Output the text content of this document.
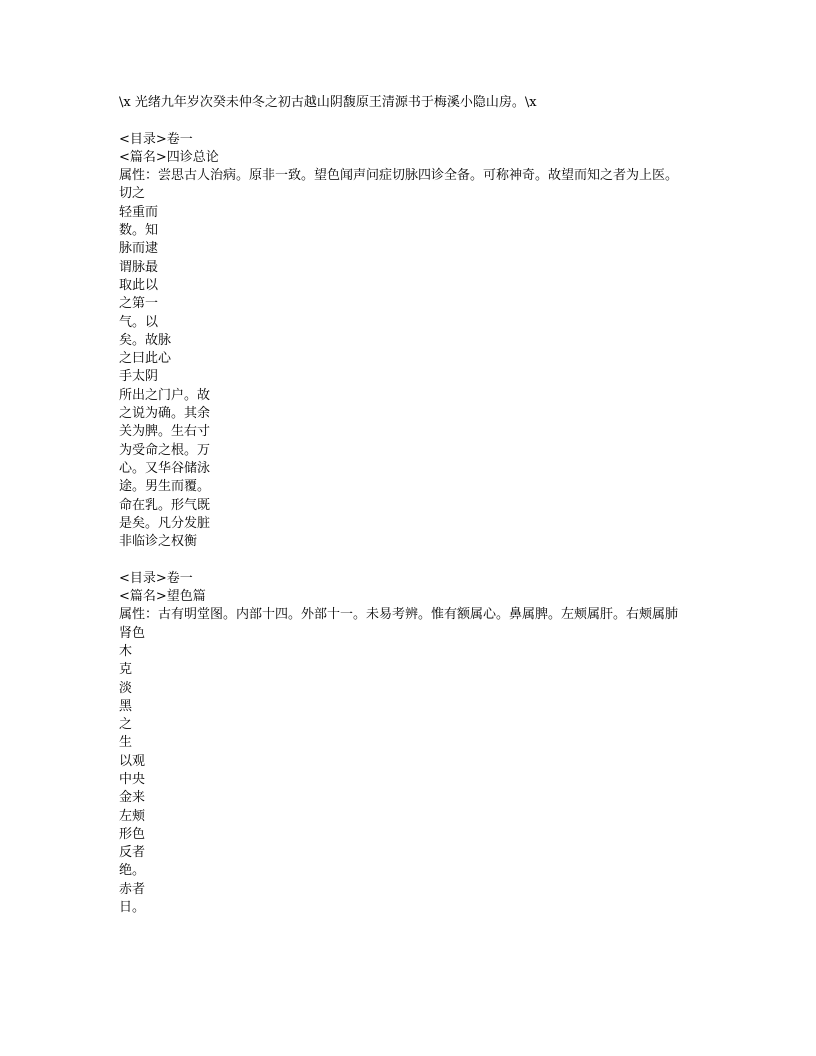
\x 光绪九年岁次癸未仲冬之初古越山阴馥原王清源书于梅溪小隐山房。\x
<目录>卷一
<篇名>四诊总论
属性：尝思古人治病。原非一致。望色闻声问症切脉四诊全备。可称神奇。故望而知之者为上医。
切之
轻重而
数。知
脉而逮
谓脉最
取此以
之第一
气。以
矣。故脉
之曰此心
手太阴
所出之门户。故
之说为确。其余
关为脾。生右寸
为受命之根。万
心。又华谷储泳
途。男生而覆。
命在乳。形气既
是矣。凡分发脏
非临诊之权衡
<目录>卷一
<篇名>望色篇
属性：古有明堂图。内部十四。外部十一。未易考辨。惟有额属心。鼻属脾。左颊属肝。右颊属肺
肾色
木
克
淡
黑
之
生
以观
中央
金来
左颊
形色
反者
绝。
赤者
日。
